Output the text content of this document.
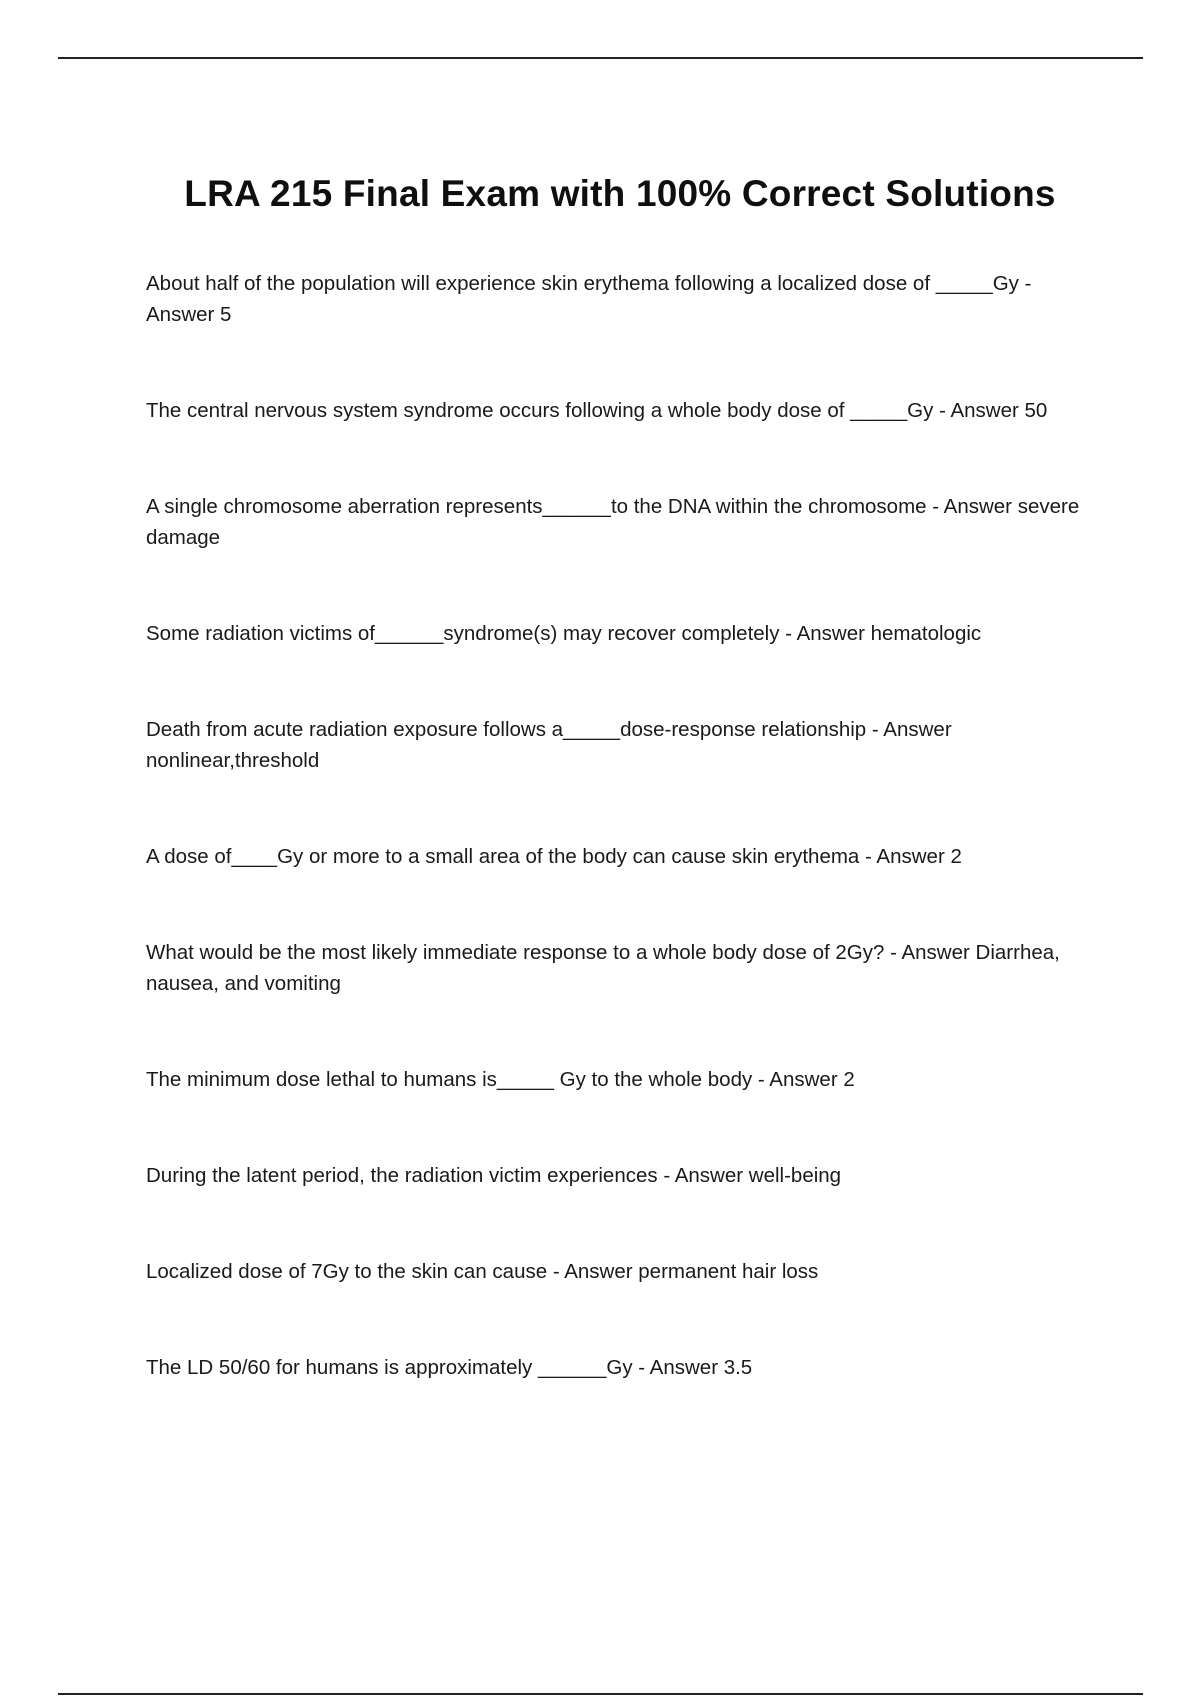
LRA 215 Final Exam with 100% Correct Solutions
About half of the population will experience skin erythema following a localized dose of _____Gy - Answer 5
The central nervous system syndrome occurs following a whole body dose of _____Gy - Answer 50
A single chromosome aberration represents______to the DNA within the chromosome - Answer severe damage
Some radiation victims of______syndrome(s) may recover completely - Answer hematologic
Death from acute radiation exposure follows a_____dose-response relationship - Answer nonlinear,threshold
A dose of____Gy or more to a small area of the body can cause skin erythema - Answer 2
What would be the most likely immediate response to a whole body dose of 2Gy? - Answer Diarrhea, nausea, and vomiting
The minimum dose lethal to humans is_____ Gy to the whole body - Answer 2
During the latent period, the radiation victim experiences - Answer well-being
Localized dose of 7Gy to the skin can cause - Answer permanent hair loss
The LD 50/60 for humans is approximately ______Gy - Answer 3.5
